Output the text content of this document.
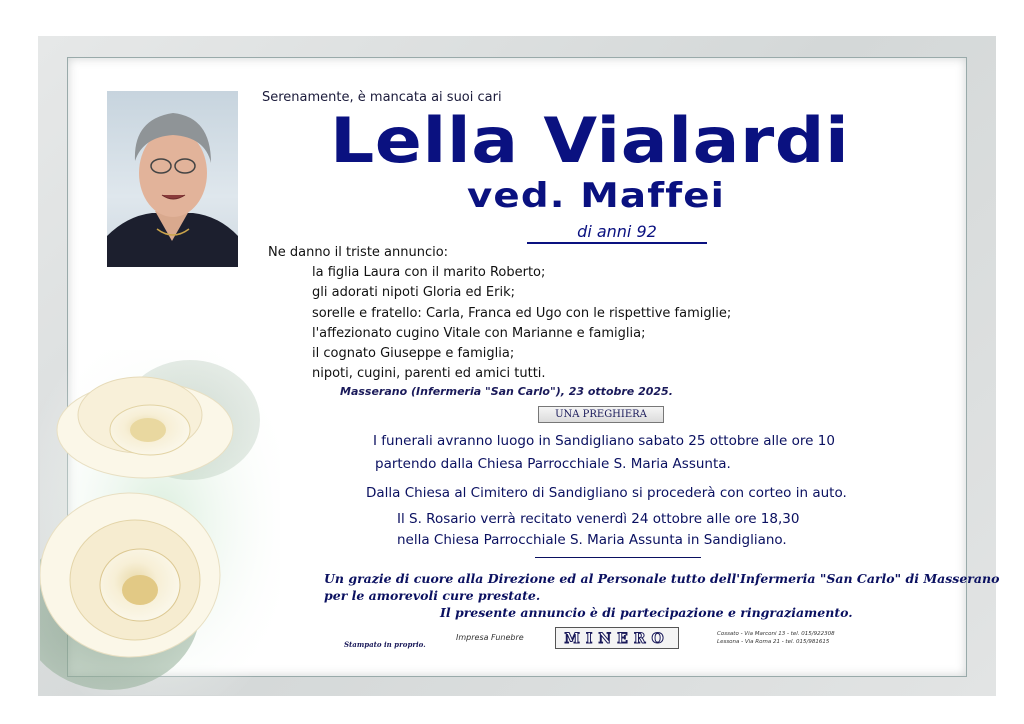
Serenamente, è mancata ai suoi cari
Lella Vialardi
ved. Maffei
di anni 92
Ne danno il triste annuncio:
la figlia Laura con il marito Roberto;
gli adorati nipoti Gloria ed Erik;
sorelle e fratello: Carla, Franca ed Ugo con le rispettive famiglie;
l'affezionato cugino Vitale con Marianne e famiglia;
il cognato Giuseppe e famiglia;
nipoti, cugini, parenti ed amici tutti.
Masserano (Infermeria "San Carlo"), 23 ottobre 2025.
UNA PREGHIERA
I funerali avranno luogo in Sandigliano sabato 25 ottobre alle ore 10
partendo dalla Chiesa Parrocchiale S. Maria Assunta.
Dalla Chiesa al Cimitero di Sandigliano si procederà con corteo in auto.
Il S. Rosario verrà recitato venerdì 24 ottobre alle ore 18,30
nella Chiesa Parrocchiale S. Maria Assunta in Sandigliano.
Un grazie di cuore alla Direzione ed al Personale tutto dell'Infermeria "San Carlo" di Masserano
per le amorevoli cure prestate.
Il presente annuncio è di partecipazione e ringraziamento.
Stampato in proprio.
Impresa Funebre	MINERO	Cossato - Via Marconi 13 - tel. 015/922308
Lessona - Via Roma 21 - tel. 015/981615
